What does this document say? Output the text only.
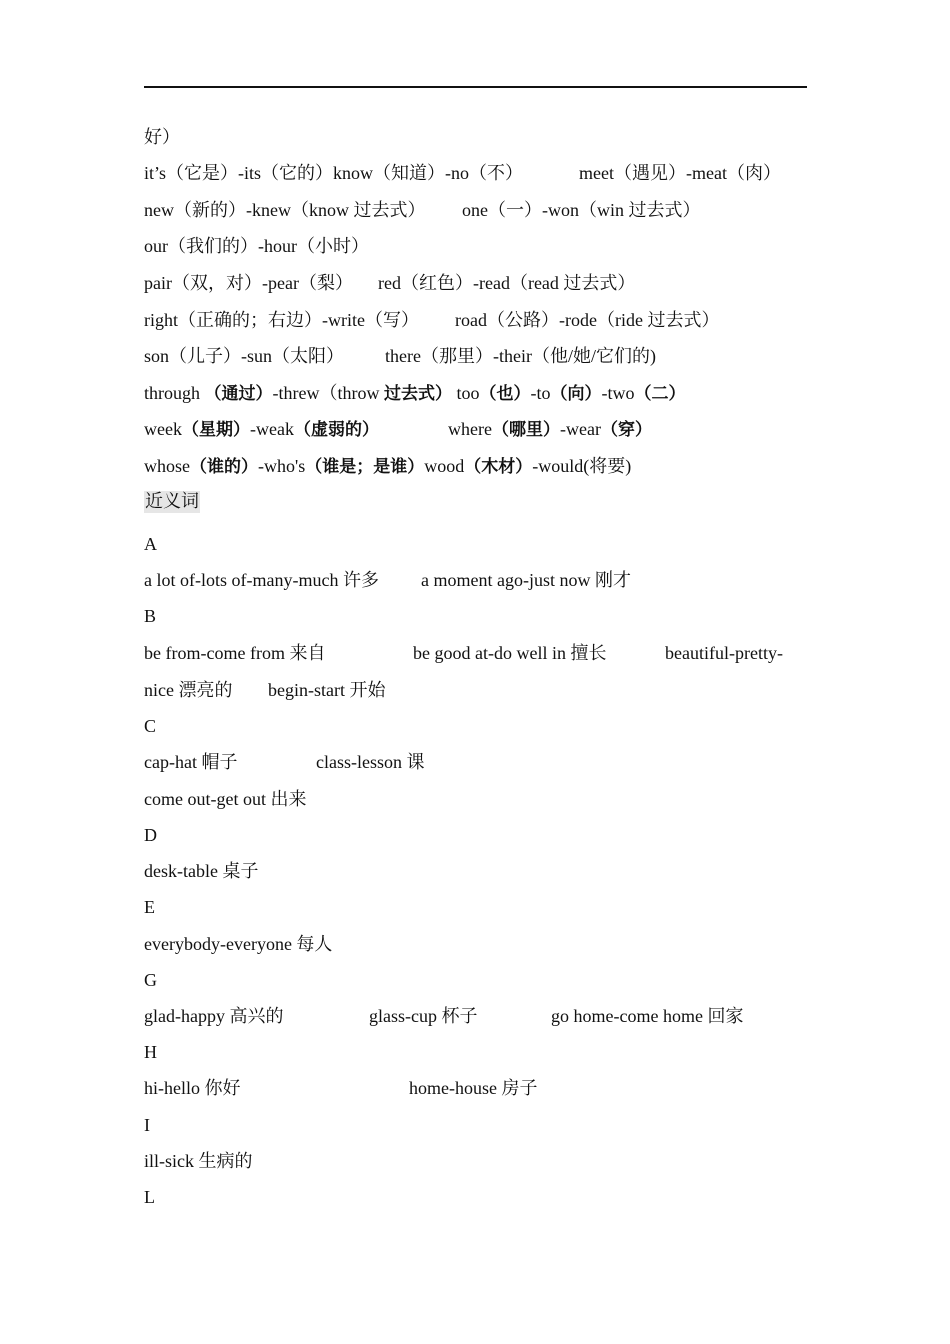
好）
it’s（它是）-its（它的）know（知道）-no（不）	meet（遇见）-meat（肉）
new（新的）-knew（know 过去式） one（一）-won（win 过去式）
our（我们的）-hour（小时）
pair（双，对）-pear（梨） red（红色）-read（read 过去式）
right（正确的；右边）-write（写） road（公路）-rode（ride 过去式）
son（儿子）-sun（太阳） there（那里）-their（他/她/它们的)
through （通过）-threw（throw 过去式） too（也）-to（向）-two（二）
week（星期）-weak（虚弱的）	where（哪里）-wear（穿）
whose（谁的）-who's（谁是；是谁）wood（木材）-would(将要)
近义词
A
a lot of-lots of-many-much 许多 a moment ago-just now 刚才
B
be from-come from 来自	be good at-do well in 擅长	beautiful-pretty-
nice 漂亮的 begin-start 开始
C
cap-hat 帽子	class-lesson 课
come out-get out 出来
D
desk-table 桌子
E
everybody-everyone 每人
G
glad-happy 高兴的	glass-cup 杯子	go home-come home 回家
H
hi-hello 你好	home-house 房子
I
ill-sick 生病的
L
